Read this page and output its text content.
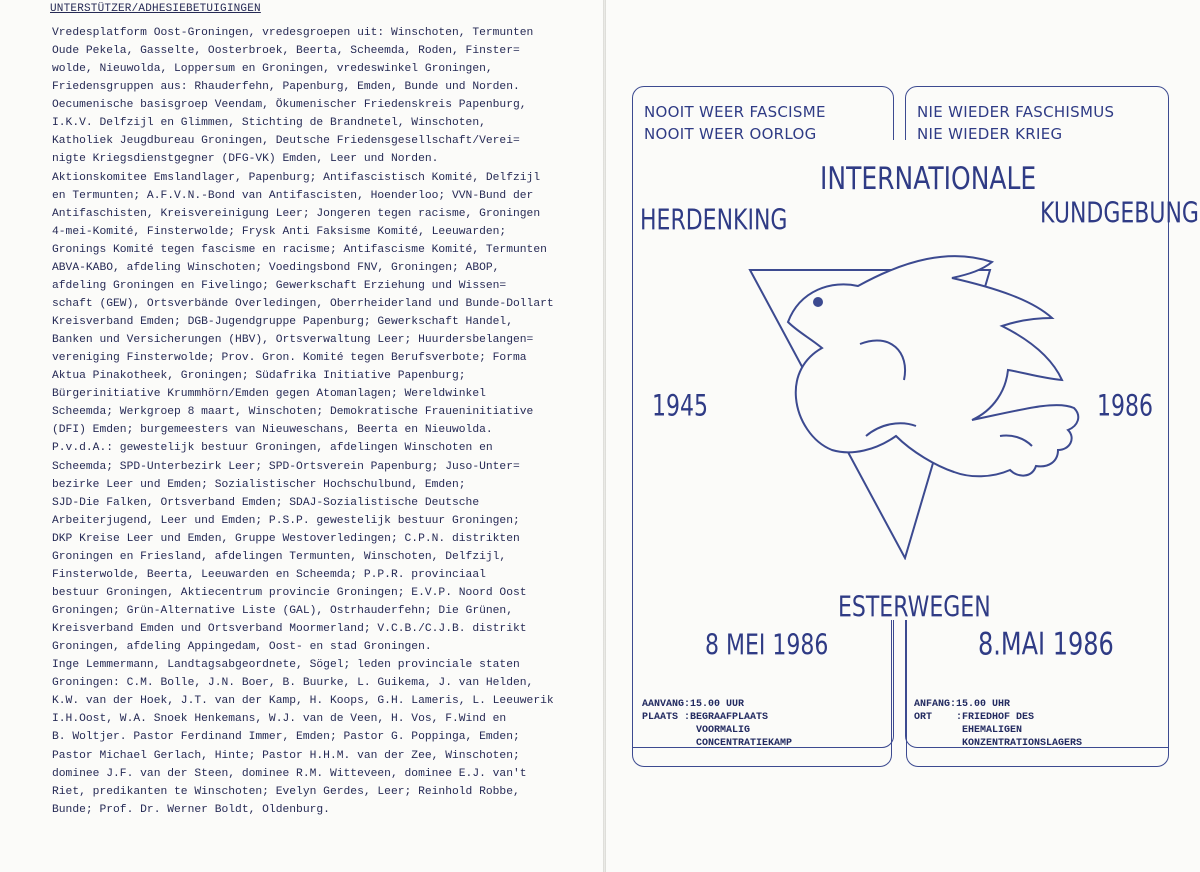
UNTERSTÜTZER/ADHESIEBETUIGINGEN
Vredesplatform Oost-Groningen, vredesgroepen uit: Winschoten, Termunten
Oude Pekela, Gasselte, Oosterbroek, Beerta, Scheemda, Roden, Finster=
wolde, Nieuwolda, Loppersum en Groningen, vredeswinkel Groningen,
Friedensgruppen aus: Rhauderfehn, Papenburg, Emden, Bunde und Norden.
Oecumenische basisgroep Veendam, Ökumenischer Friedenskreis Papenburg,
I.K.V. Delfzijl en Glimmen, Stichting de Brandnetel, Winschoten,
Katholiek Jeugdbureau Groningen, Deutsche Friedensgesellschaft/Verei=
nigte Kriegsdienstgegner (DFG-VK) Emden, Leer und Norden.
Aktionskomitee Emslandlager, Papenburg; Antifascistisch Komité, Delfzijl
en Termunten; A.F.V.N.-Bond van Antifascisten, Hoenderloo; VVN-Bund der
Antifaschisten, Kreisvereinigung Leer; Jongeren tegen racisme, Groningen
4-mei-Komité, Finsterwolde; Frysk Anti Faksisme Komité, Leeuwarden;
Gronings Komité tegen fascisme en racisme; Antifascisme Komité, Termunten
ABVA-KABO, afdeling Winschoten; Voedingsbond FNV, Groningen; ABOP,
afdeling Groningen en Fivelingo; Gewerkschaft Erziehung und Wissen=
schaft (GEW), Ortsverbände Overledingen, Oberrheiderland und Bunde-Dollart
Kreisverband Emden; DGB-Jugendgruppe Papenburg; Gewerkschaft Handel,
Banken und Versicherungen (HBV), Ortsverwaltung Leer; Huurdersbelangen=
vereniging Finsterwolde; Prov. Gron. Komité tegen Berufsverbote; Forma
Aktua Pinakotheek, Groningen; Südafrika Initiative Papenburg;
Bürgerinitiative Krummhörn/Emden gegen Atomanlagen; Wereldwinkel
Scheemda; Werkgroep 8 maart, Winschoten; Demokratische Fraueninitiative
(DFI) Emden; burgemeesters van Nieuweschans, Beerta en Nieuwolda.
P.v.d.A.: gewestelijk bestuur Groningen, afdelingen Winschoten en
Scheemda; SPD-Unterbezirk Leer; SPD-Ortsverein Papenburg; Juso-Unter=
bezirke Leer und Emden; Sozialistischer Hochschulbund, Emden;
SJD-Die Falken, Ortsverband Emden; SDAJ-Sozialistische Deutsche
Arbeiterjugend, Leer und Emden; P.S.P. gewestelijk bestuur Groningen;
DKP Kreise Leer und Emden, Gruppe Westoverledingen; C.P.N. distrikten
Groningen en Friesland, afdelingen Termunten, Winschoten, Delfzijl,
Finsterwolde, Beerta, Leeuwarden en Scheemda; P.P.R. provinciaal
bestuur Groningen, Aktiecentrum provincie Groningen; E.V.P. Noord Oost
Groningen; Grün-Alternative Liste (GAL), Ostrhauderfehn; Die Grünen,
Kreisverband Emden und Ortsverband Moormerland; V.C.B./C.J.B. distrikt
Groningen, afdeling Appingedam, Oost- en stad Groningen.
Inge Lemmermann, Landtagsabgeordnete, Sögel; leden provinciale staten
Groningen: C.M. Bolle, J.N. Boer, B. Buurke, L. Guikema, J. van Helden,
K.W. van der Hoek, J.T. van der Kamp, H. Koops, G.H. Lameris, L. Leeuwerik
I.H.Oost, W.A. Snoek Henkemans, W.J. van de Veen, H. Vos, F.Wind en
B. Woltjer. Pastor Ferdinand Immer, Emden; Pastor G. Poppinga, Emden;
Pastor Michael Gerlach, Hinte; Pastor H.H.M. van der Zee, Winschoten;
dominee J.F. van der Steen, dominee R.M. Witteveen, dominee E.J. van't
Riet, predikanten te Winschoten; Evelyn Gerdes, Leer; Reinhold Robbe,
Bunde; Prof. Dr. Werner Boldt, Oldenburg.
NOOIT WEER FASCISME
NOOIT WEER OORLOG
NIE WIEDER FASCHISMUS
NIE WIEDER KRIEG
INTERNATIONALE
HERDENKING	KUNDGEBUNG
1945	1986
ESTERWEGEN
8 MEI 1986	8.MAI 1986
AANVANG:15.00 UUR
PLAATS :BEGRAAFPLAATS
VOORMALIG
CONCENTRATIEKAMP
ANFANG:15.00 UHR
ORT    :FRIEDHOF DES
EHEMALIGEN
KONZENTRATIONSLAGERS
